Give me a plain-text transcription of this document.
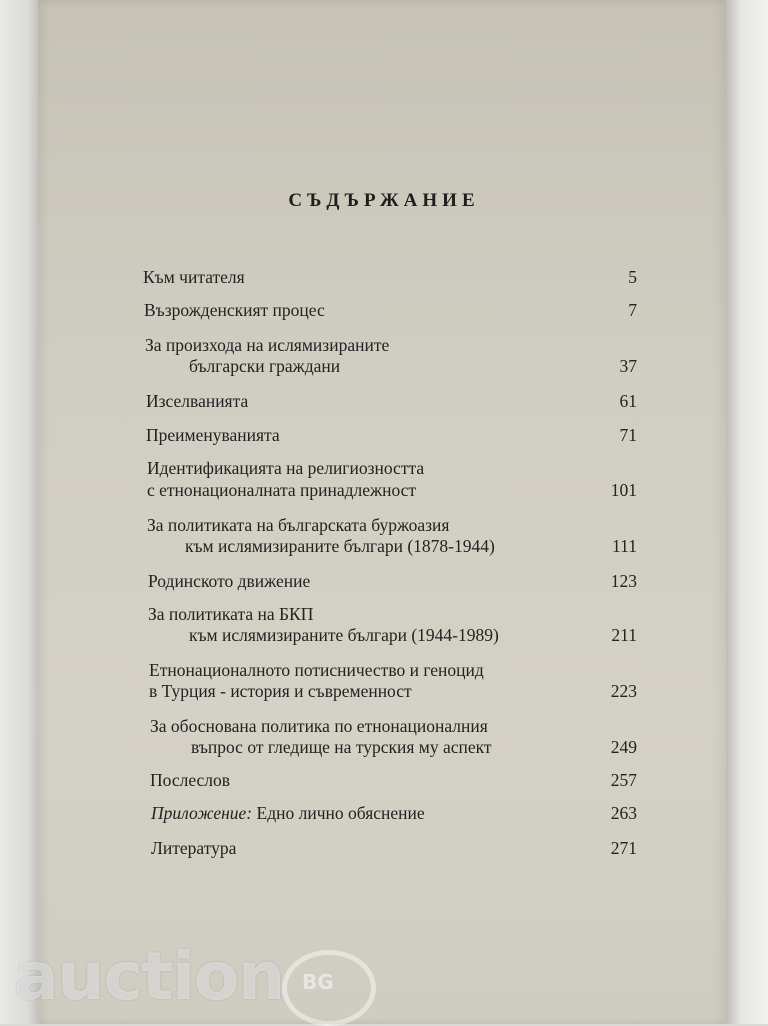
СЪДЪРЖАНИЕ
Към читателя	5
Възрожденският процес	7
За произхода на ислямизираните
български граждани	37
Изселванията	61
Преименуванията	71
Идентификацията на религиозността
с етнонационалната принадлежност	101
За политиката на българската буржоазия
към ислямизираните българи (1878-1944)	111
Родинското движение	123
За политиката на БКП
към ислямизираните българи (1944-1989)	211
Етнонационалното потисничество и геноцид
в Турция - история и съвременност	223
За обоснована политика по етнонационалния
въпрос от гледище на турския му аспект	249
Послеслов	257
Приложение: Едно лично обяснение	263
Литература	271
auction BG
